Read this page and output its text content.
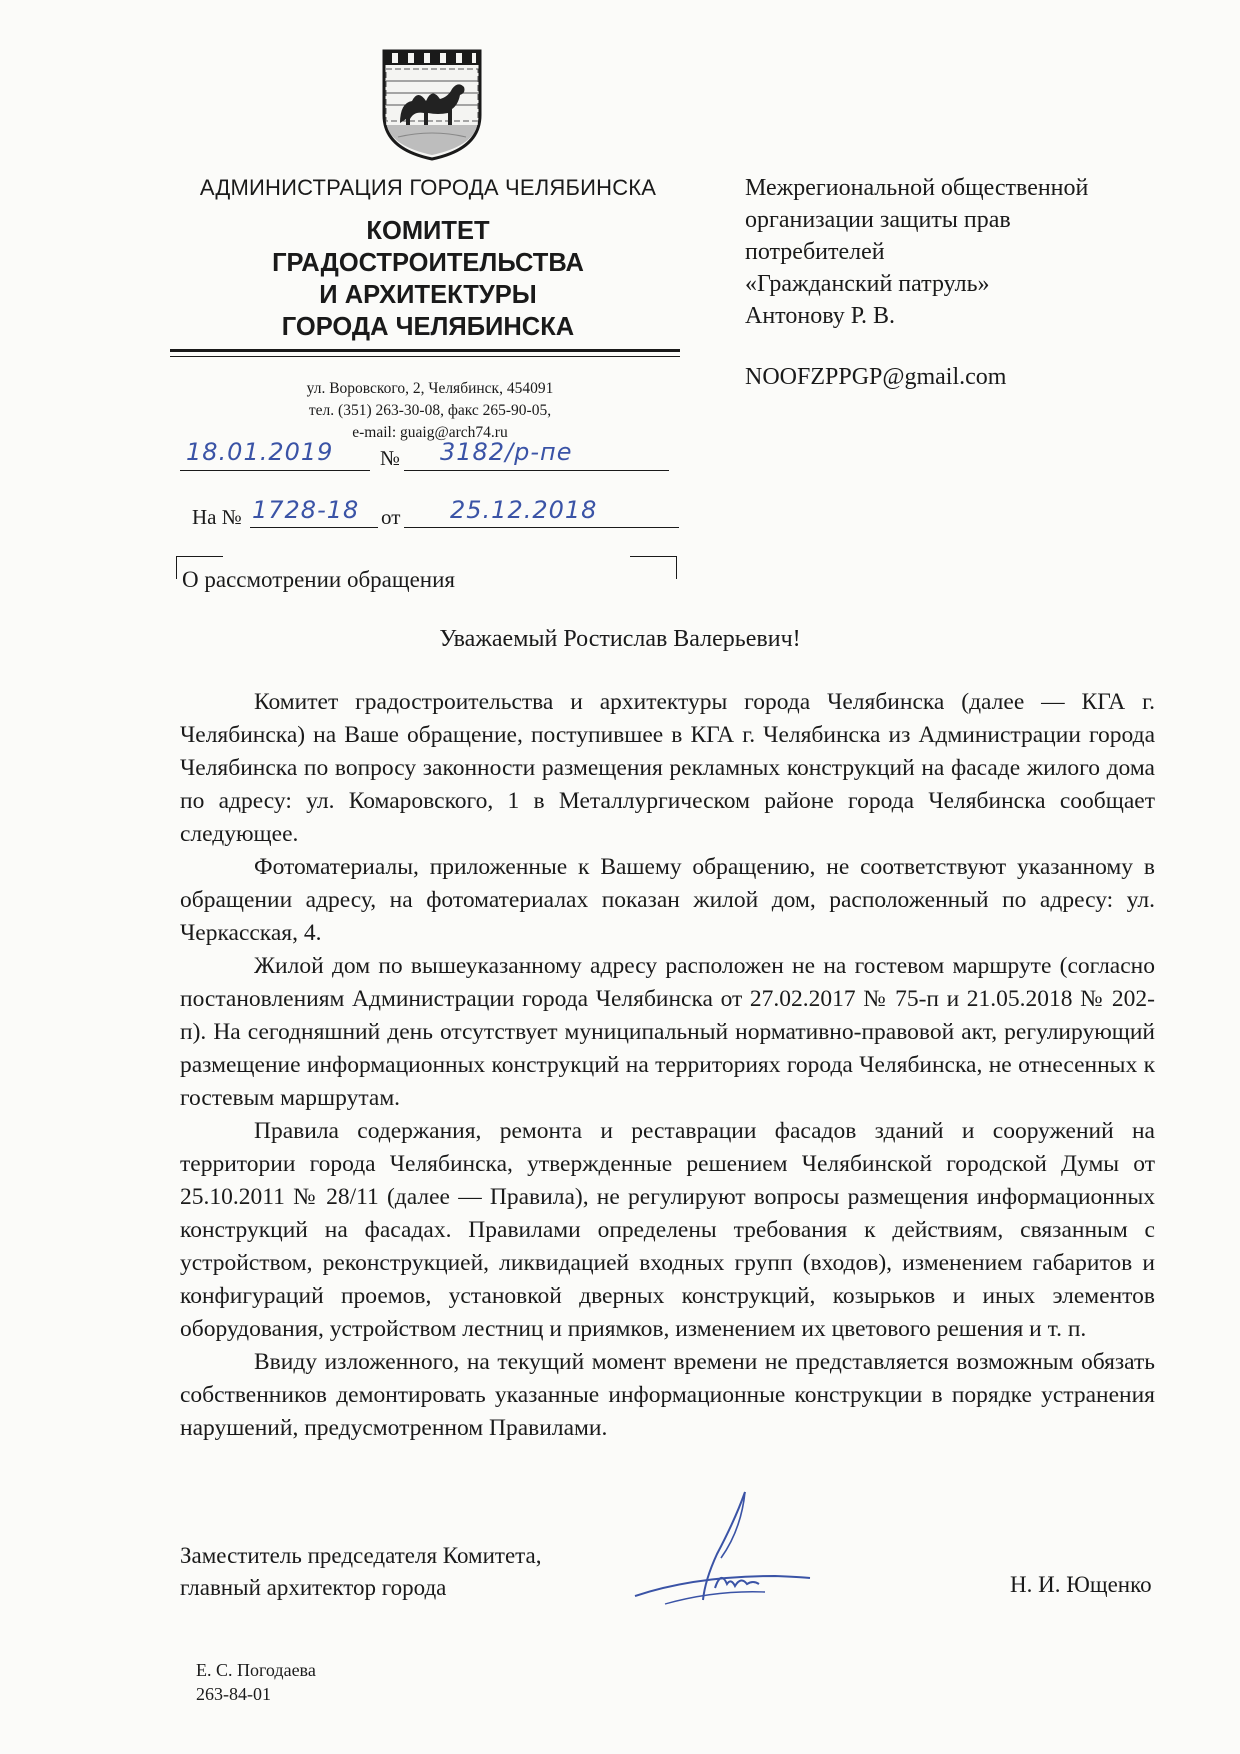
АДМИНИСТРАЦИЯ ГОРОДА ЧЕЛЯБИНСКА
КОМИТЕТ
ГРАДОСТРОИТЕЛЬСТВА
И АРХИТЕКТУРЫ
ГОРОДА ЧЕЛЯБИНСКА
ул. Воровского, 2, Челябинск, 454091
тел. (351) 263-30-08, факс 265-90-05,
e-mail: guaig@arch74.ru
18.01.2019 № 3182/р-пе
На № 1728-18 от 25.12.2018
О рассмотрении обращения
Межрегиональной общественной
организации защиты прав
потребителей
«Гражданский патруль»
Антонову Р. В.
NOOFZPPGP@gmail.com
Уважаемый Ростислав Валерьевич!

Комитет градостроительства и архитектуры города Челябинска (далее — КГА г. Челябинска) на Ваше обращение, поступившее в КГА г. Челябинска из Администрации города Челябинска по вопросу законности размещения рекламных конструкций на фасаде жилого дома по адресу: ул. Комаровского, 1 в Металлургическом районе города Челябинска сообщает следующее.

Фотоматериалы, приложенные к Вашему обращению, не соответствуют указанному в обращении адресу, на фотоматериалах показан жилой дом, расположенный по адресу: ул. Черкасская, 4.

Жилой дом по вышеуказанному адресу расположен не на гостевом маршруте (согласно постановлениям Администрации города Челябинска от 27.02.2017 № 75-п и 21.05.2018 № 202-п). На сегодняшний день отсутствует муниципальный нормативно-правовой акт, регулирующий размещение информационных конструкций на территориях города Челябинска, не отнесенных к гостевым маршрутам.

Правила содержания, ремонта и реставрации фасадов зданий и сооружений на территории города Челябинска, утвержденные решением Челябинской городской Думы от 25.10.2011 № 28/11 (далее — Правила), не регулируют вопросы размещения информационных конструкций на фасадах. Правилами определены требования к действиям, связанным с устройством, реконструкцией, ликвидацией входных групп (входов), изменением габаритов и конфигураций проемов, установкой дверных конструкций, козырьков и иных элементов оборудования, устройством лестниц и приямков, изменением их цветового решения и т. п.

Ввиду изложенного, на текущий момент времени не представляется возможным обязать собственников демонтировать указанные информационные конструкции в порядке устранения нарушений, предусмотренном Правилами.

Заместитель председателя Комитета,
главный архитектор города	Н. И. Ющенко
Е. С. Погодаева
263-84-01
